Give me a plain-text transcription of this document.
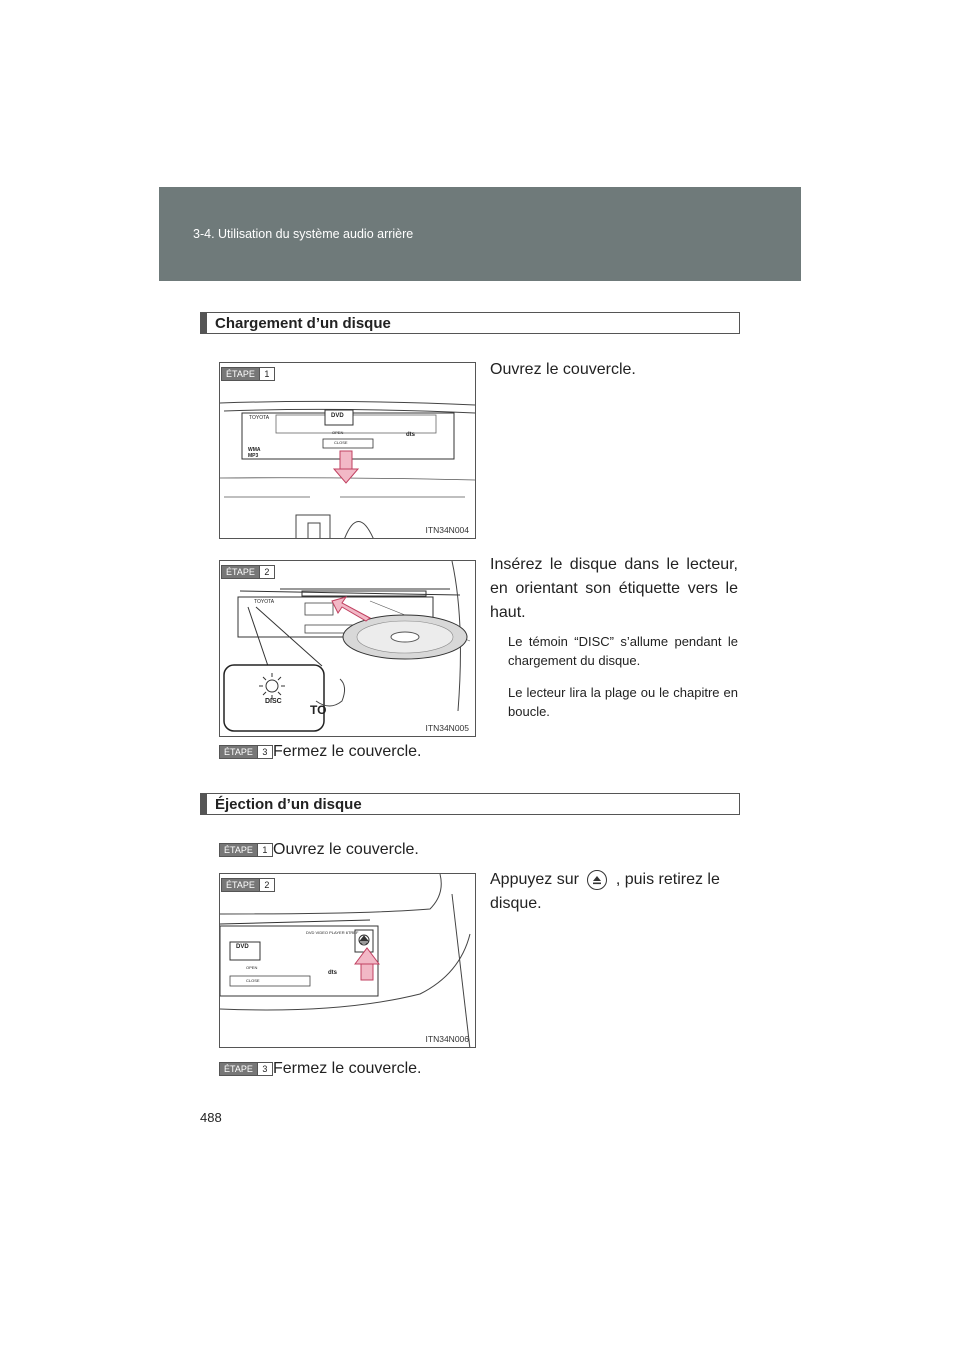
3-4. Utilisation du système audio arrière
Chargement d’un disque
ÉTAPE	1
TOYOTA	DVD
OPEN
CLOSE
WMA
MP3
dts
ITN34N004
Ouvrez le couvercle.
ÉTAPE	2
TOYOTA
DISC
TO
ITN34N005
Insérez le disque dans le lecteur, en orientant son étiquette vers le haut.
Le témoin “DISC” s’allume pendant le chargement du disque.
Le lecteur lira la plage ou le chapitre en boucle.
ÉTAPE	3 Fermez le couvercle.
Éjection d’un disque
ÉTAPE	1 Ouvrez le couvercle.
ÉTAPE	2
DVD
DVD VIDEO PLAYER 6TREF
OPEN
CLOSE
dts
ITN34N006
Appuyez sur , puis retirez le disque.
ÉTAPE	3 Fermez le couvercle.
488
